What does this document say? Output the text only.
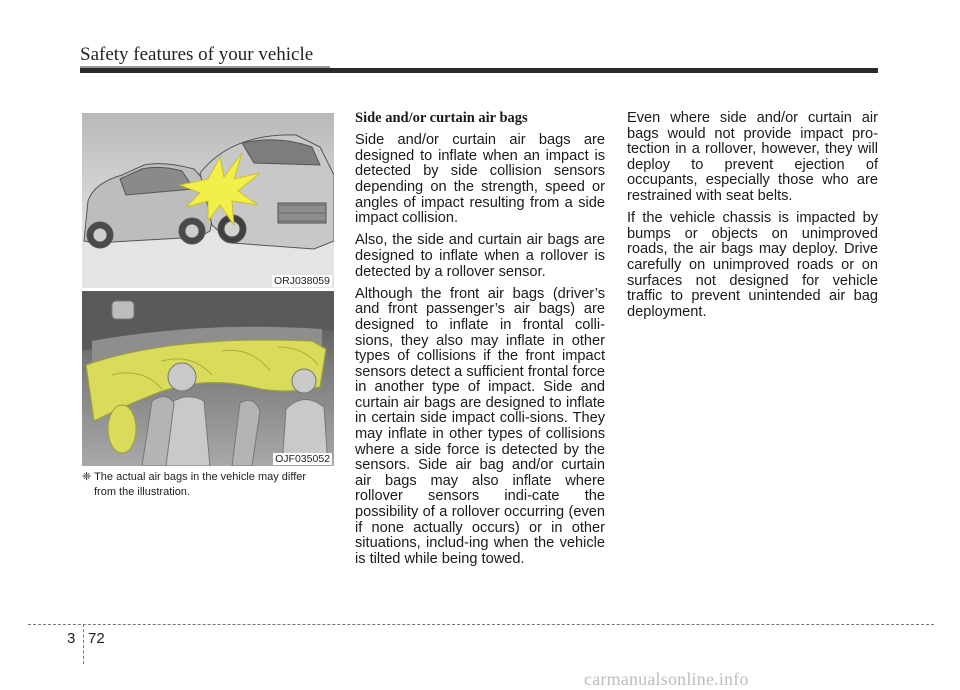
Safety features of your vehicle
ORJ038059
OJF035052
❈ The actual air bags in the vehicle may differ
from the illustration.

Side and/or curtain air bags

Side and/or curtain air bags are designed to inflate when an impact is detected by side collision sensors depending on the strength, speed or angles of impact resulting from a side impact collision.

Also, the side and curtain air bags are designed to inflate when a rollover is detected by a rollover sensor.

Although the front air bags (driver’s and front passenger’s air bags) are designed to inflate in frontal colli-sions, they also may inflate in other types of collisions if the front impact sensors detect a sufficient frontal force in another type of impact. Side and curtain air bags are designed to inflate in certain side impact colli-sions. They may inflate in other types of collisions where a side force is detected by the sensors. Side air bag and/or curtain air bags may also inflate where rollover sensors indi-cate the possibility of a rollover occurring (even if none actually occurs) or in other situations, includ-ing when the vehicle is tilted while being towed.

Even where side and/or curtain air bags would not provide impact pro-tection in a rollover, however, they will deploy to prevent ejection of occupants, especially those who are restrained with seat belts.

If the vehicle chassis is impacted by bumps or objects on unimproved roads, the air bags may deploy. Drive carefully on unimproved roads or on surfaces not designed for vehicle traffic to prevent unintended air bag deployment.

3 72
carmanualsonline.info
